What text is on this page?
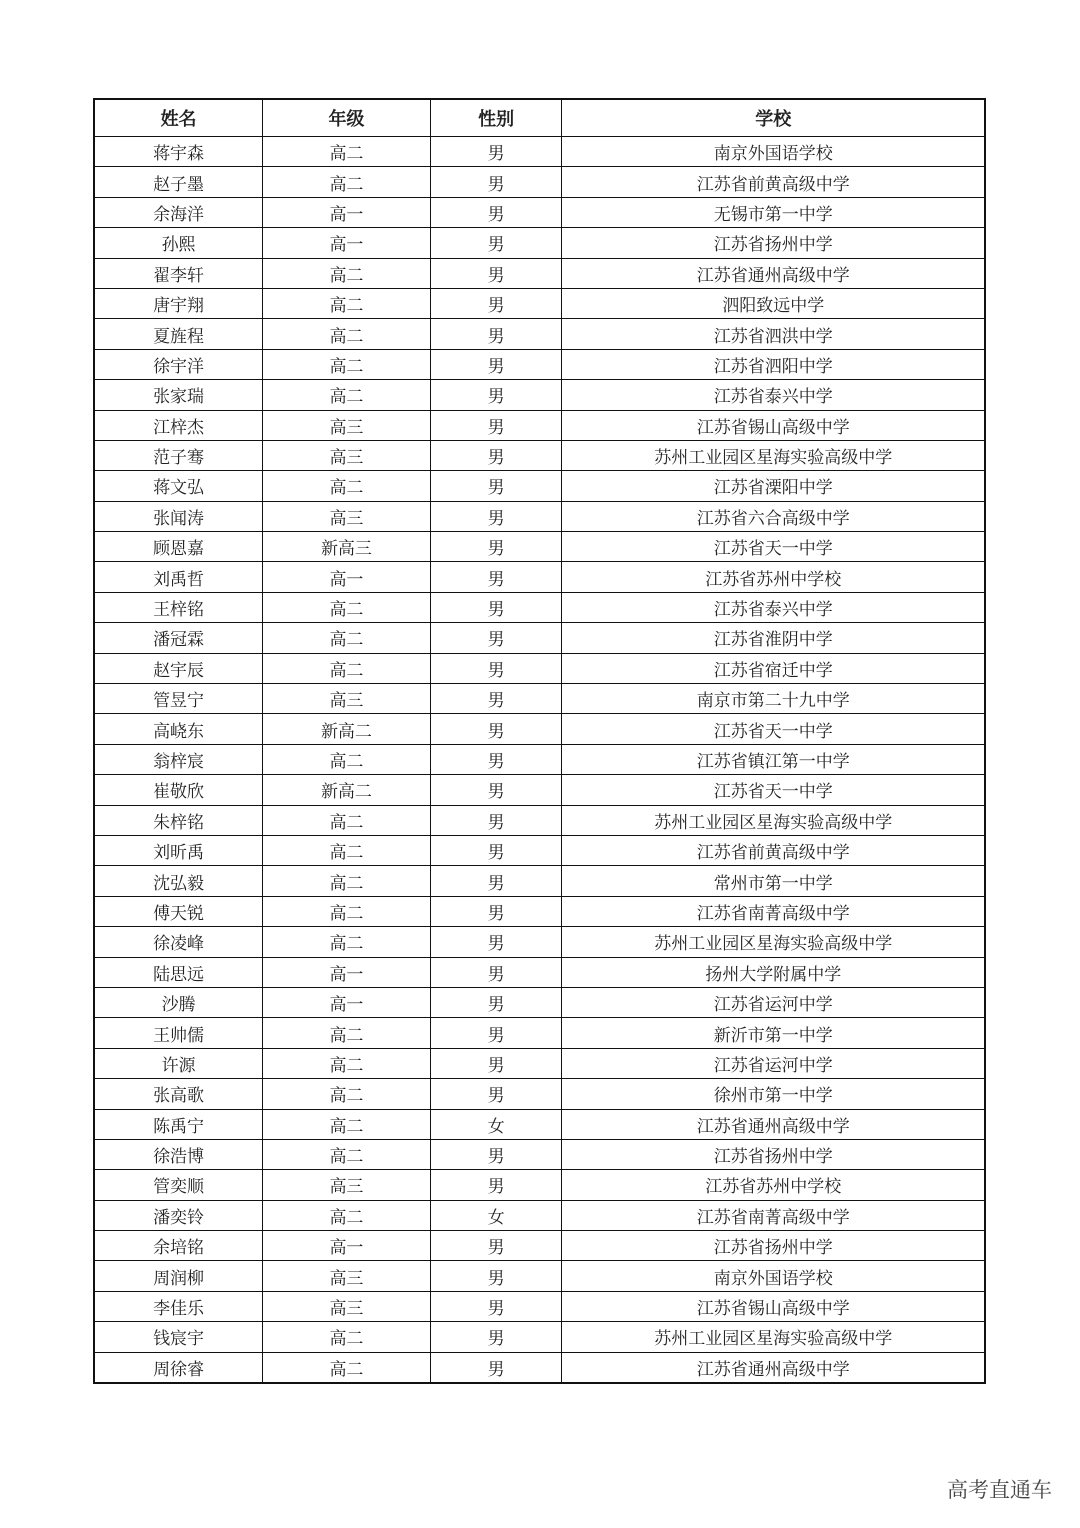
姓名	年级	性别	学校
蒋宇森	高二	男	南京外国语学校
赵子墨	高二	男	江苏省前黄高级中学
余海洋	高一	男	无锡市第一中学
孙熙	高一	男	江苏省扬州中学
翟李轩	高二	男	江苏省通州高级中学
唐宇翔	高二	男	泗阳致远中学
夏旌程	高二	男	江苏省泗洪中学
徐宇洋	高二	男	江苏省泗阳中学
张家瑞	高二	男	江苏省泰兴中学
江梓杰	高三	男	江苏省锡山高级中学
范子骞	高三	男	苏州工业园区星海实验高级中学
蒋文弘	高二	男	江苏省溧阳中学
张闻涛	高三	男	江苏省六合高级中学
顾恩嘉	新高三	男	江苏省天一中学
刘禹哲	高一	男	江苏省苏州中学校
王梓铭	高二	男	江苏省泰兴中学
潘冠霖	高二	男	江苏省淮阴中学
赵宇辰	高二	男	江苏省宿迁中学
管昱宁	高三	男	南京市第二十九中学
高峣东	新高二	男	江苏省天一中学
翁梓宸	高二	男	江苏省镇江第一中学
崔敬欣	新高二	男	江苏省天一中学
朱梓铭	高二	男	苏州工业园区星海实验高级中学
刘昕禹	高二	男	江苏省前黄高级中学
沈弘毅	高二	男	常州市第一中学
傅天锐	高二	男	江苏省南菁高级中学
徐凌峰	高二	男	苏州工业园区星海实验高级中学
陆思远	高一	男	扬州大学附属中学
沙腾	高一	男	江苏省运河中学
王帅儒	高二	男	新沂市第一中学
许源	高二	男	江苏省运河中学
张高歌	高二	男	徐州市第一中学
陈禹宁	高二	女	江苏省通州高级中学
徐浩博	高二	男	江苏省扬州中学
管奕顺	高三	男	江苏省苏州中学校
潘奕铃	高二	女	江苏省南菁高级中学
余培铭	高一	男	江苏省扬州中学
周润柳	高三	男	南京外国语学校
李佳乐	高三	男	江苏省锡山高级中学
钱宸宇	高二	男	苏州工业园区星海实验高级中学
周徐睿	高二	男	江苏省通州高级中学
高考直通车
